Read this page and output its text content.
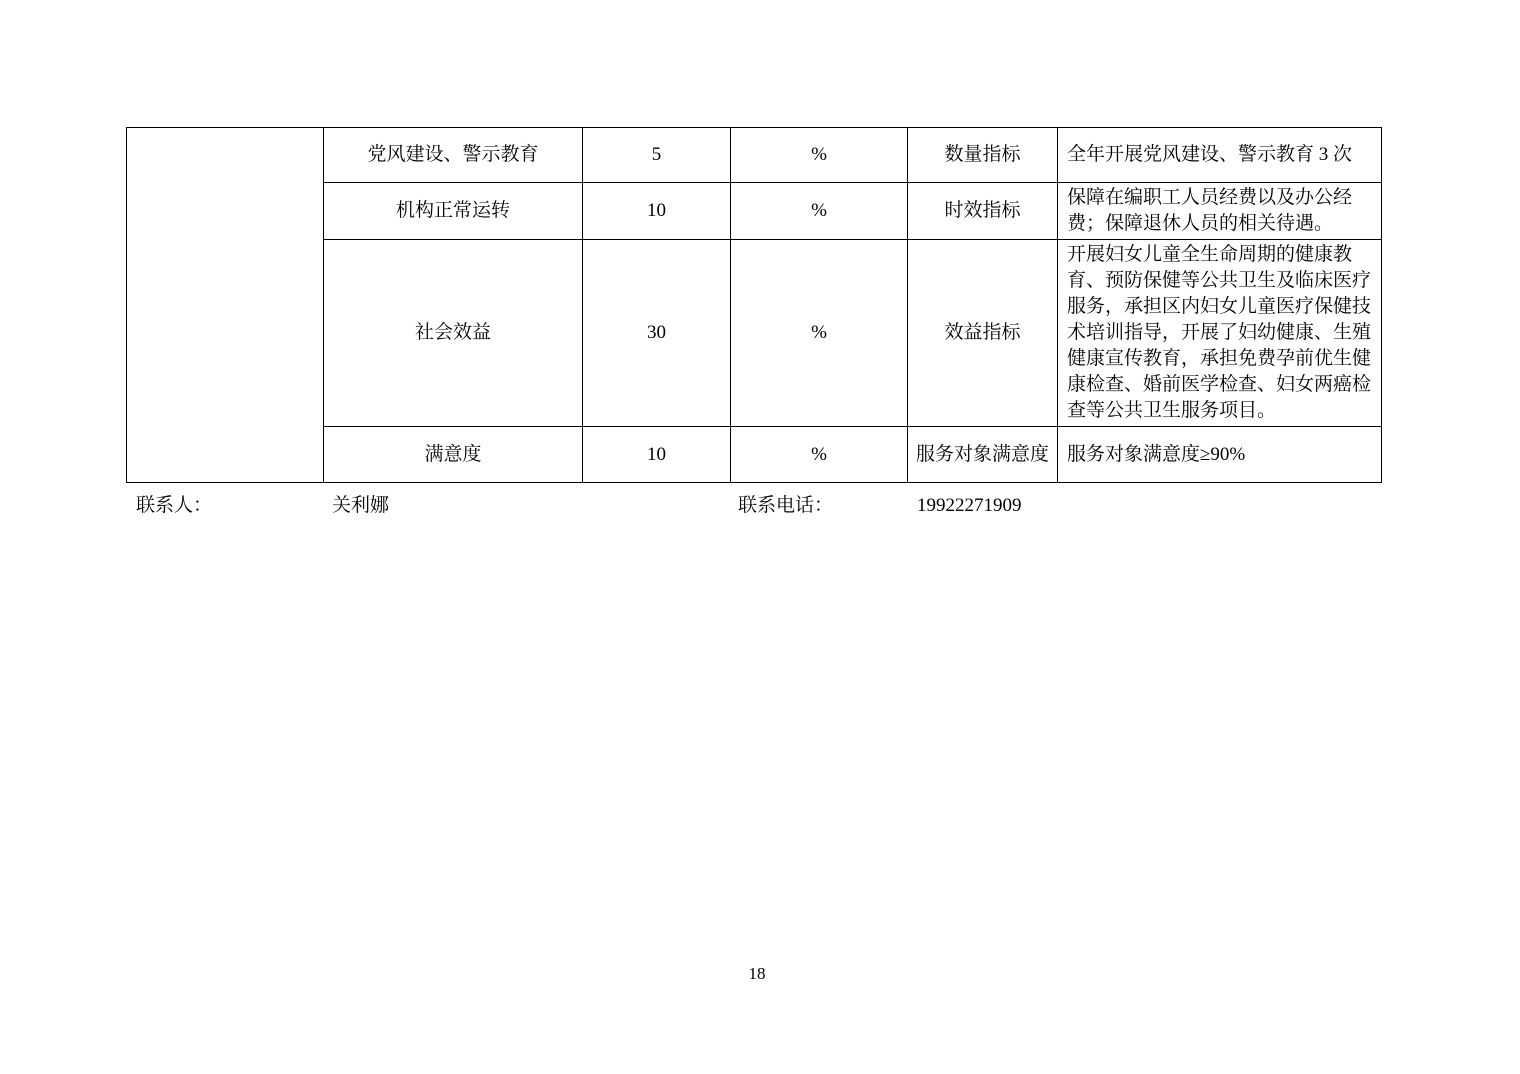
	党风建设、警示教育	5	%	数量指标	全年开展党风建设、警示教育 3 次
	机构正常运转	10	%	时效指标	保障在编职工人员经费以及办公经费；保障退休人员的相关待遇。
	社会效益	30	%	效益指标	开展妇女儿童全生命周期的健康教育、预防保健等公共卫生及临床医疗服务，承担区内妇女儿童医疗保健技术培训指导，开展了妇幼健康、生殖健康宣传教育，承担免费孕前优生健康检查、婚前医学检查、妇女两癌检查等公共卫生服务项目。
	满意度	10	%	服务对象满意度	服务对象满意度≥90%
联系人：	关利娜	联系电话：	19922271909
18
